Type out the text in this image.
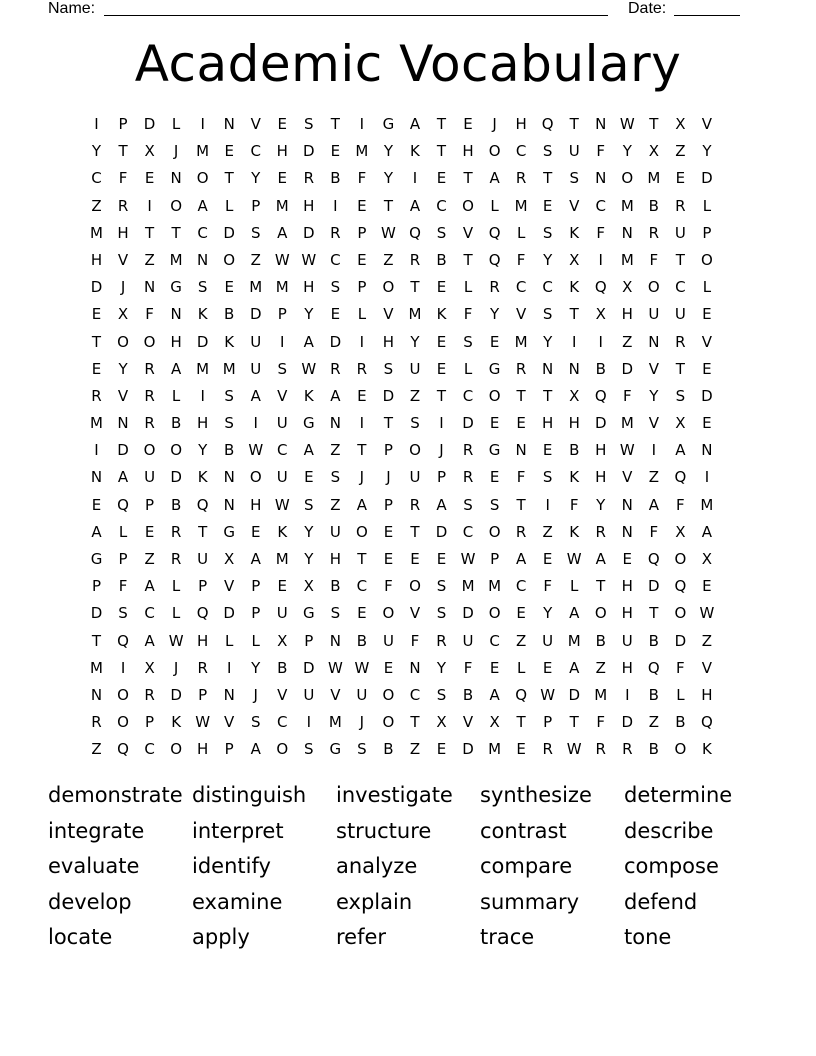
Name:	Date:
Academic Vocabulary
I	P	D	L	I	N	V	E	S	T	I	G	A	T	E	J	H	Q	T	N W T	X	V
Y	T	X	J	M	E	C	H	D	E	M	Y	K	T	H	O	C	S	U	F	Y	X	Z	Y
C	F	E	N	O	T	Y	E	R	B	F	Y	I	E	T	A	R	T	S	N	O M	E	D
Z	R	I	O	A	L	P	M H	I	E	T	A	C	O	L	M	E	V	C M B	R	L
M H	T	T	C	D	S	A	D	R	P W Q	S	V	Q	L	S	K	F	N	R	U	P
H	V	Z M N	O	Z W W C	E	Z	R	B	T	Q	F	Y	X	I	M	F	T	O
D	J	N	G	S	E	M M H	S	P	O	T	E	L	R	C	C	K	Q	X	O	C	L
E	X	F	N	K	B	D	P	Y	E	L	V M	K	F	Y	V	S	T	X	H	U	U	E
T	O O H	D	K	U	I	A	D	I	H	Y	E	S	E	M	Y	I	I	Z	N	R	V
E	Y	R	A M M U	S W R	R	S	U	E	L	G	R	N	N	B	D	V	T	E
R	V	R	L	I	S	A	V	K	A	E	D	Z	T	C	O	T	T	X	Q	F	Y	S	D
M N	R	B	H	S	I	U	G	N	I	T	S	I	D	E	E	H	H	D M V	X	E
I	D O O	Y	B W C	A	Z	T	P	O	J	R	G	N	E	B	H W	I	A	N
N	A	U	D	K	N	O	U	E	S	J	J	U	P	R	E	F	S	K	H	V	Z	Q	I
E	Q	P	B	Q	N	H W S	Z	A	P	R	A	S	S	T	I	F	Y	N	A	F	M
A	L	E	R	T	G	E	K	Y	U	O	E	T	D	C	O	R	Z	K	R	N	F	X	A
G	P	Z	R	U	X	A M	Y	H	T	E	E	E W P	A	E W A	E	Q O	X
P	F	A	L	P	V	P	E	X	B	C	F	O	S	M M C	F	L	T	H	D Q	E
D	S	C	L	Q D	P	U	G	S	E	O	V	S	D O	E	Y	A	O	H	T	O W
T	Q	A W H	L	L	X	P	N	B	U	F	R	U	C	Z	U M B	U	B	D	Z
M	I	X	J	R	I	Y	B	D W W E	N	Y	F	E	L	E	A	Z	H Q	F	V
N	O	R	D	P	N	J	V	U	V	U	O	C	S	B	A	Q W D M	I	B	L	H
R	O	P	K W V	S	C	I	M	J	O	T	X	V	X	T	P	T	F	D	Z	B	Q
Z	Q	C	O	H	P	A	O	S	G	S	B	Z	E	D M	E	R W R	R	B	O	K
demonstrate distinguish investigate synthesize determine
integrate interpret structure contrast	describe
evaluate	identify	analyze	compare compose
develop	examine	explain	summary defend
locate	apply	refer	trace	tone
